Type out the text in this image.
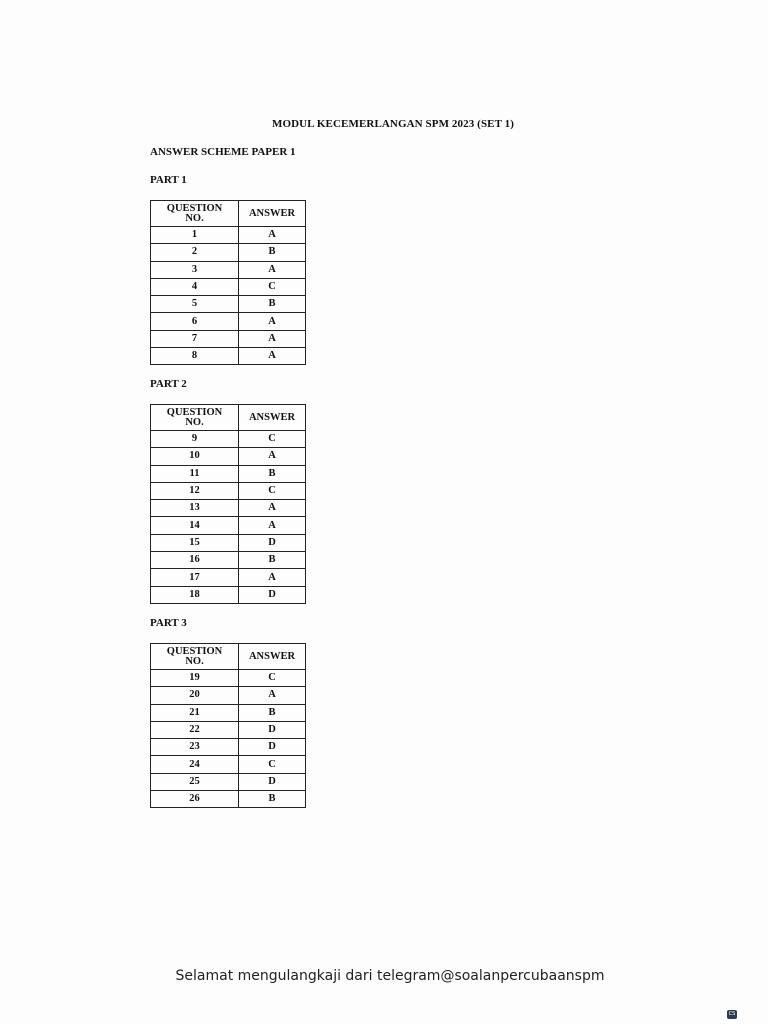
MODUL KECEMERLANGAN SPM 2023 (SET 1)
ANSWER SCHEME PAPER 1
PART 1
QUESTION
NO.	ANSWER
1	A
2	B
3	A
4	C
5	B
6	A
7	A
8	A
PART 2
QUESTION
NO.	ANSWER
9	C
10	A
11	B
12	C
13	A
14	A
15	D
16	B
17	A
18	D
PART 3
QUESTION
NO.	ANSWER
19	C
20	A
21	B
22	D
23	D
24	C
25	D
26	B
Selamat mengulangkaji dari telegram@soalanpercubaanspm
CS
